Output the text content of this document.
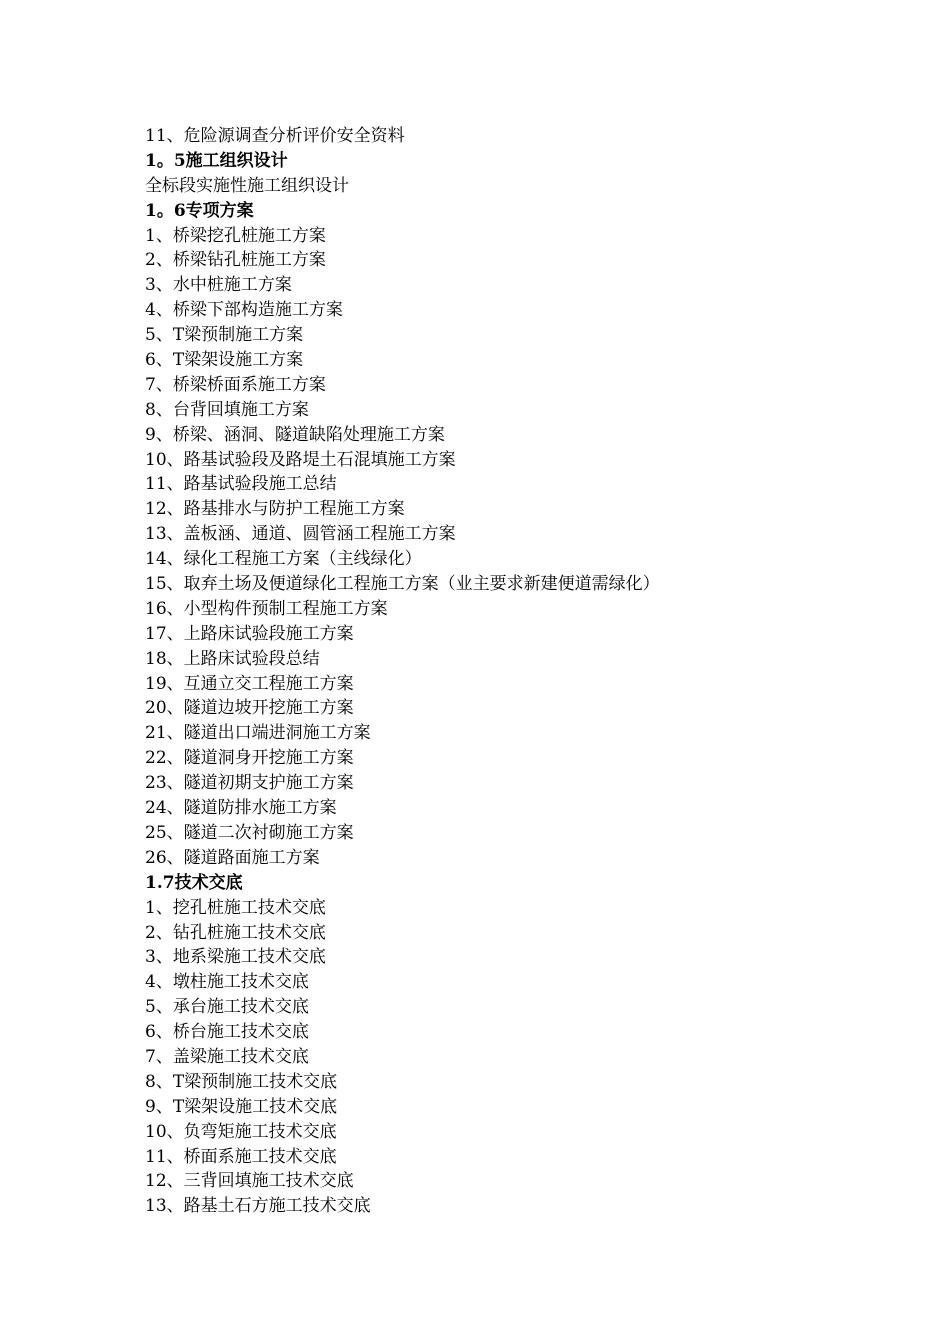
11、危险源调查分析评价安全资料
1。5施工组织设计
全标段实施性施工组织设计
1。6专项方案
1、桥梁挖孔桩施工方案
2、桥梁钻孔桩施工方案
3、水中桩施工方案
4、桥梁下部构造施工方案
5、T梁预制施工方案
6、T梁架设施工方案
7、桥梁桥面系施工方案
8、台背回填施工方案
9、桥梁、涵洞、隧道缺陷处理施工方案
10、路基试验段及路堤土石混填施工方案
11、路基试验段施工总结
12、路基排水与防护工程施工方案
13、盖板涵、通道、圆管涵工程施工方案
14、绿化工程施工方案（主线绿化）
15、取弃土场及便道绿化工程施工方案（业主要求新建便道需绿化）
16、小型构件预制工程施工方案
17、上路床试验段施工方案
18、上路床试验段总结
19、互通立交工程施工方案
20、隧道边坡开挖施工方案
21、隧道出口端进洞施工方案
22、隧道洞身开挖施工方案
23、隧道初期支护施工方案
24、隧道防排水施工方案
25、隧道二次衬砌施工方案
26、隧道路面施工方案
1.7技术交底
1、挖孔桩施工技术交底
2、钻孔桩施工技术交底
3、地系梁施工技术交底
4、墩柱施工技术交底
5、承台施工技术交底
6、桥台施工技术交底
7、盖梁施工技术交底
8、T梁预制施工技术交底
9、T梁架设施工技术交底
10、负弯矩施工技术交底
11、桥面系施工技术交底
12、三背回填施工技术交底
13、路基土石方施工技术交底
